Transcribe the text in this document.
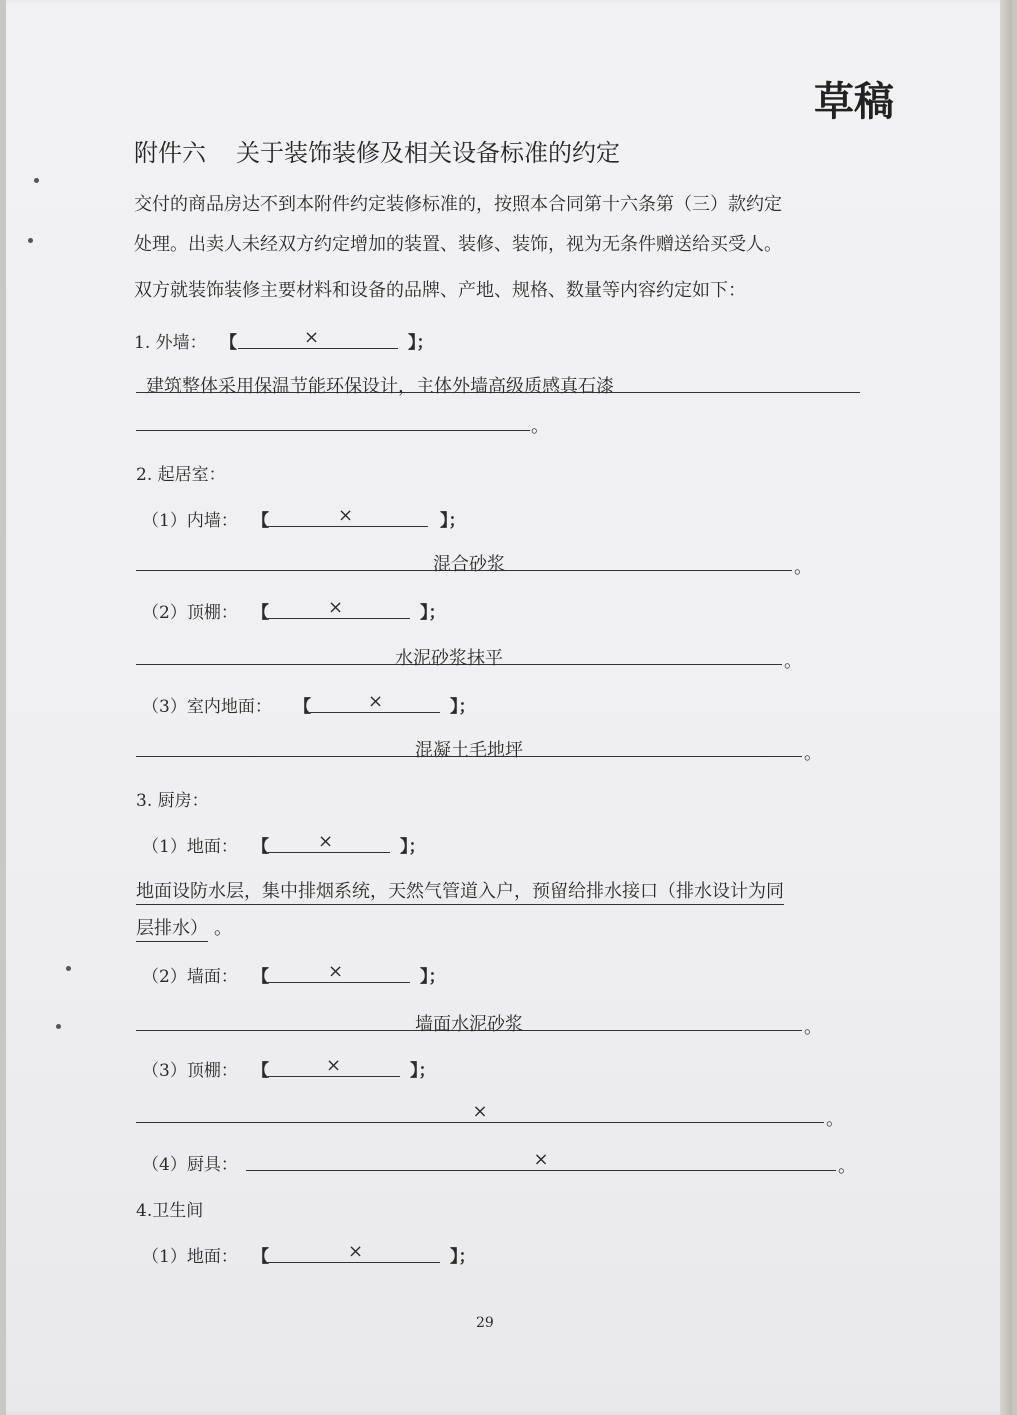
草稿
附件六 关于装饰装修及相关设备标准的约定
交付的商品房达不到本附件约定装修标准的，按照本合同第十六条第（三）款约定
处理。出卖人未经双方约定增加的装置、装修、装饰，视为无条件赠送给买受人。
双方就装饰装修主要材料和设备的品牌、产地、规格、数量等内容约定如下：
1. 外墙： 【	×	】；
建筑整体采用保温节能环保设计，主体外墙高级质感真石漆
。
2. 起居室：
（1）内墙： 【	×	】；
混合砂浆	。
（2）顶棚： 【	×	】；
水泥砂浆抹平	。
（3）室内地面： 【	×	】；
混凝土毛地坪	。
3. 厨房：
（1）地面： 【	×	】；
地面设防水层，集中排烟系统，天然气管道入户，预留给排水接口（排水设计为同
层排水） 。
（2）墙面： 【	×	】；
墙面水泥砂浆	。
（3）顶棚： 【	×	】；
×	。
（4）厨具：	×	。
4.卫生间
（1）地面： 【	×	】；
29
